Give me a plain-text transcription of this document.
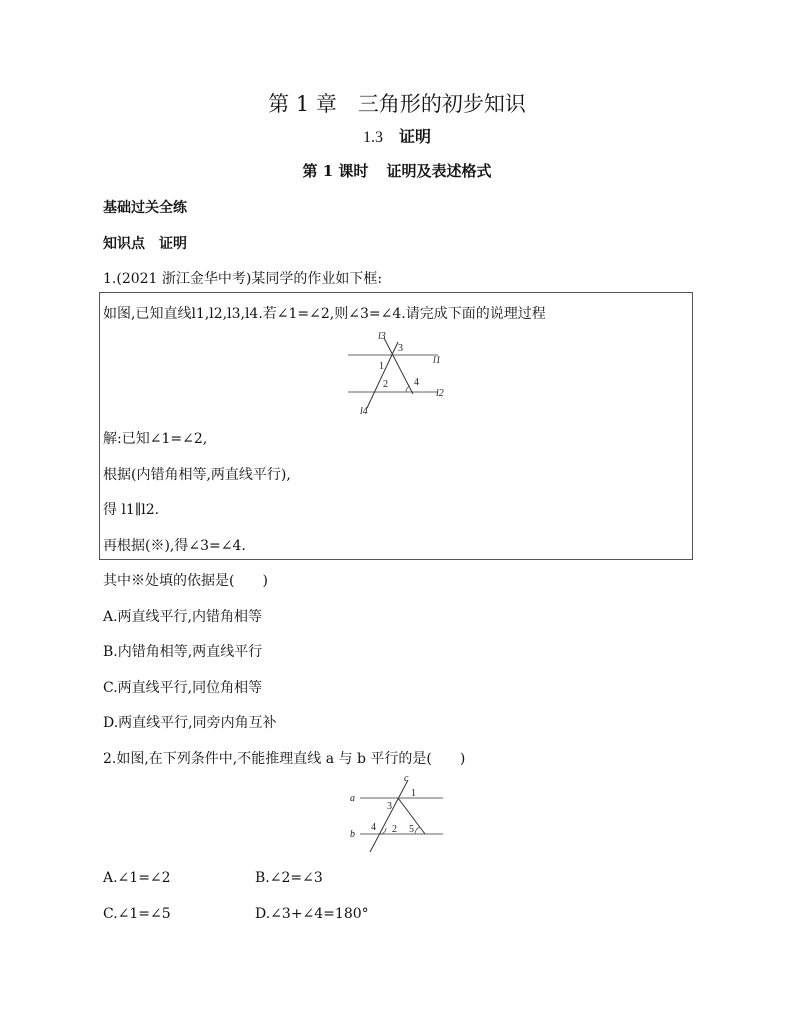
第 1 章　三角形的初步知识
1.3 证明
第 1 课时 证明及表述格式
基础过关全练
知识点　证明
1.(2021 浙江金华中考)某同学的作业如下框:
如图,已知直线l1,l2,l3,l4.若∠1=∠2,则∠3=∠4.请完成下面的说理过程
l3
3
l1
1
4
2
l2
l4
解:已知∠1=∠2,
根据(内错角相等,两直线平行),
得 l1∥l2.
再根据(※),得∠3=∠4.
其中※处填的依据是(　　)
A.两直线平行,内错角相等
B.内错角相等,两直线平行
C.两直线平行,同位角相等
D.两直线平行,同旁内角互补
2.如图,在下列条件中,不能推理直线 a 与 b 平行的是(　　)
c
a	1
3
b
4 2 5
A.∠1=∠2	B.∠2=∠3
C.∠1=∠5	D.∠3+∠4=180°
